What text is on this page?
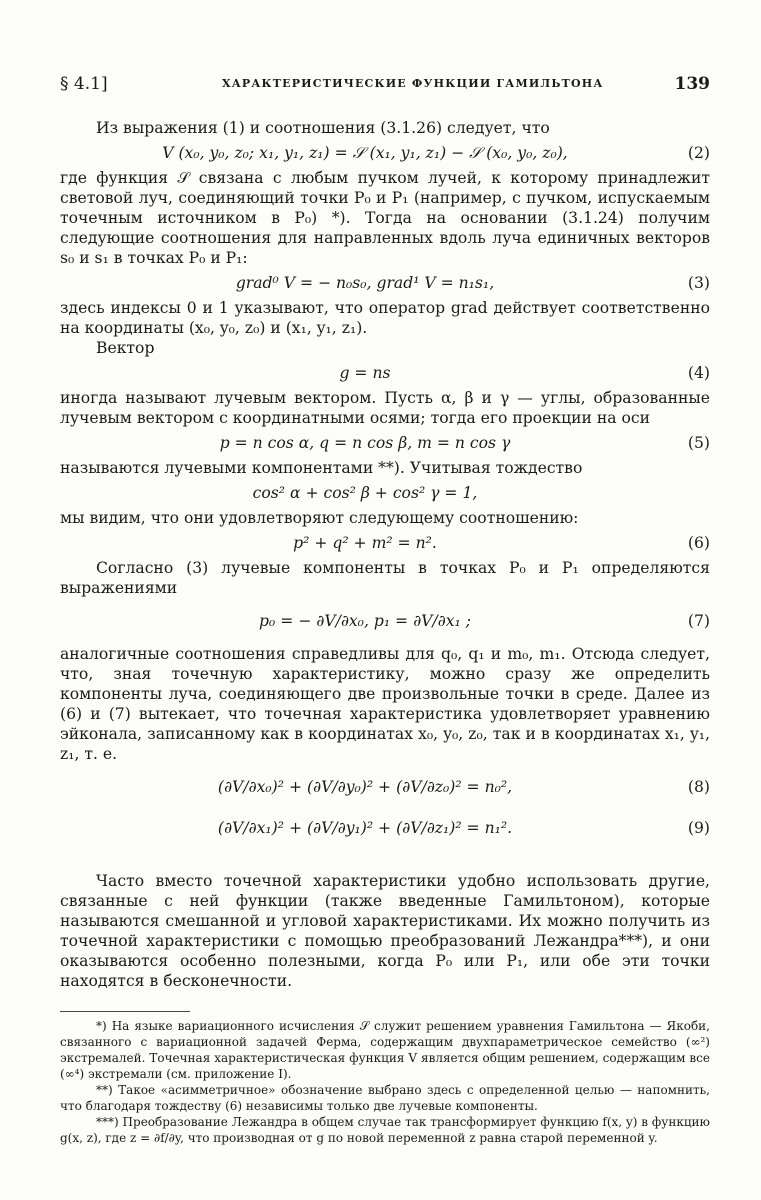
§ 4.1]	ХАРАКТЕРИСТИЧЕСКИЕ ФУНКЦИИ ГАМИЛЬТОНА	139

Из выражения (1) и соотношения (3.1.26) следует, что

V (x₀, y₀, z₀; x₁, y₁, z₁) = 𝒮 (x₁, y₁, z₁) − 𝒮 (x₀, y₀, z₀),	(2)

где функция 𝒮 связана с любым пучком лучей, к которому принадлежит световой луч, соединяющий точки P₀ и P₁ (например, с пучком, испускаемым точечным источником в P₀) *). Тогда на основании (3.1.24) получим следующие соотношения для направленных вдоль луча единичных векторов s₀ и s₁ в точках P₀ и P₁:

grad⁰ V = − n₀s₀, grad¹ V = n₁s₁,	(3)

здесь индексы 0 и 1 указывают, что оператор grad действует соответственно на координаты (x₀, y₀, z₀) и (x₁, y₁, z₁).

Вектор

g = ns	(4)

иногда называют лучевым вектором. Пусть α, β и γ — углы, образованные лучевым вектором с координатными осями; тогда его проекции на оси

p = n cos α, q = n cos β, m = n cos γ	(5)

называются лучевыми компонентами **). Учитывая тождество

cos² α + cos² β + cos² γ = 1,

мы видим, что они удовлетворяют следующему соотношению:

p² + q² + m² = n².	(6)

Согласно (3) лучевые компоненты в точках P₀ и P₁ определяются выражениями

p₀ = − ∂V/∂x₀, p₁ = ∂V/∂x₁ ;	(7)

аналогичные соотношения справедливы для q₀, q₁ и m₀, m₁. Отсюда следует, что, зная точечную характеристику, можно сразу же определить компоненты луча, соединяющего две произвольные точки в среде. Далее из (6) и (7) вытекает, что точечная характеристика удовлетворяет уравнению эйконала, записанному как в координатах x₀, y₀, z₀, так и в координатах x₁, y₁, z₁, т. е.

(∂V/∂x₀)² + (∂V/∂y₀)² + (∂V/∂z₀)² = n₀²,	(8)
(∂V/∂x₁)² + (∂V/∂y₁)² + (∂V/∂z₁)² = n₁².	(9)

Часто вместо точечной характеристики удобно использовать другие, связанные с ней функции (также введенные Гамильтоном), которые называются смешанной и угловой характеристиками. Их можно получить из точечной характеристики с помощью преобразований Лежандра***), и они оказываются особенно полезными, когда P₀ или P₁, или обе эти точки находятся в бесконечности.

*) На языке вариационного исчисления 𝒮 служит решением уравнения Гамильтона — Якоби, связанного с вариационной задачей Ферма, содержащим двухпараметрическое семейство (∞²) экстремалей. Точечная характеристическая функция V является общим решением, содержащим все (∞⁴) экстремали (см. приложение I).

**) Такое «асимметричное» обозначение выбрано здесь с определенной целью — напомнить, что благодаря тождеству (6) независимы только две лучевые компоненты.

***) Преобразование Лежандра в общем случае так трансформирует функцию f(x, y) в функцию g(x, z), где z = ∂f/∂y, что производная от g по новой переменной z равна старой переменной y.
